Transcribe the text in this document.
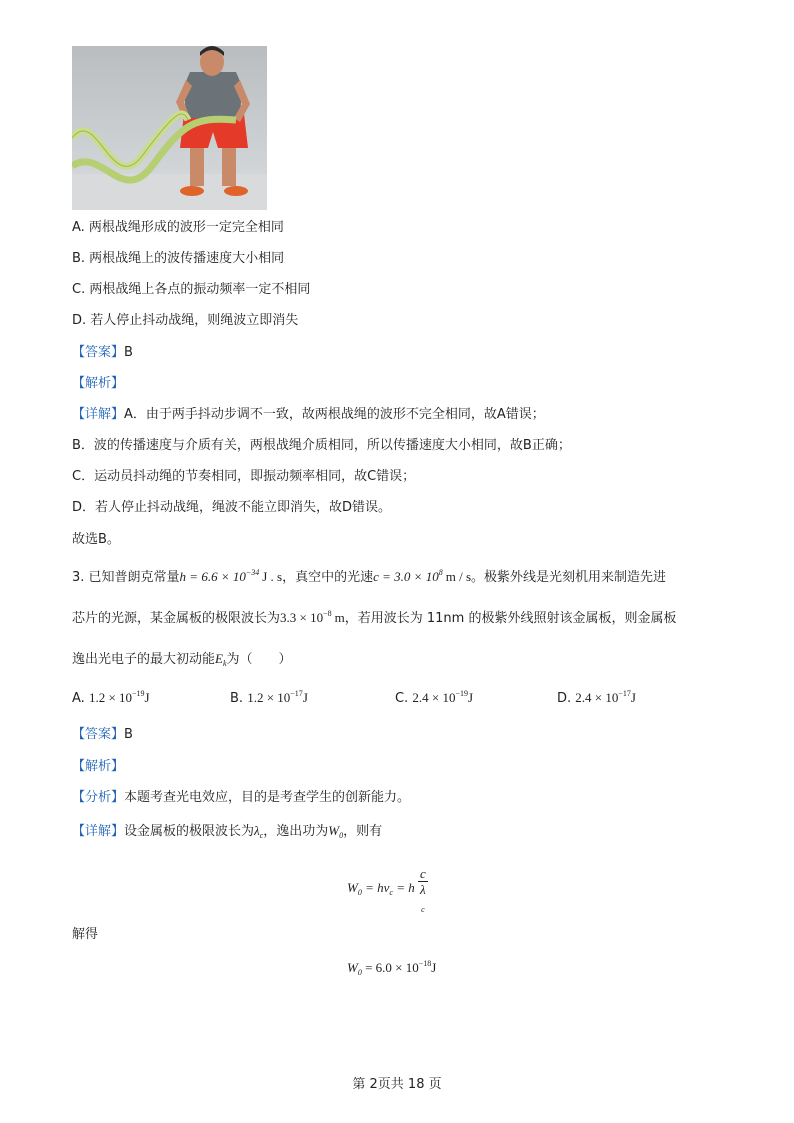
A. 两根战绳形成的波形一定完全相同
B. 两根战绳上的波传播速度大小相同
C. 两根战绳上各点的振动频率一定不相同
D. 若人停止抖动战绳，则绳波立即消失
【答案】B
【解析】
【详解】A．由于两手抖动步调不一致，故两根战绳的波形不完全相同，故A错误；
B．波的传播速度与介质有关，两根战绳介质相同，所以传播速度大小相同，故B正确；
C．运动员抖动绳的节奏相同，即振动频率相同，故C错误；
D．若人停止抖动战绳，绳波不能立即消失，故D错误。
故选B。
3. 已知普朗克常量$h = 6.6 \times 10^{-34}$ J . s，真空中的光速$c = 3.0 \times 10^8$ m / s。极紫外线是光刻机用来制造先进
芯片的光源，某金属板的极限波长为$3.3 \times 10^{-8}$ m，若用波长为 11nm 的极紫外线照射该金属板，则金属板
逸出光电子的最大初动能$E_k$为（　　）
A. $1.2 \times 10^{-19}J$	B. $1.2 \times 10^{-17}J$	C. $2.4 \times 10^{-19}J$	D. $2.4 \times 10^{-17}J$
【答案】B
【解析】
【分析】本题考查光电效应，目的是考查学生的创新能力。
【详解】设金属板的极限波长为$\lambda_c$，逸出功为$W_0$，则有
$W_0 = h\nu_c = h$ c
λ
$_c$
解得
$W_0 = 6.0 \times 10^{-18}J$
第 2页共 18 页
